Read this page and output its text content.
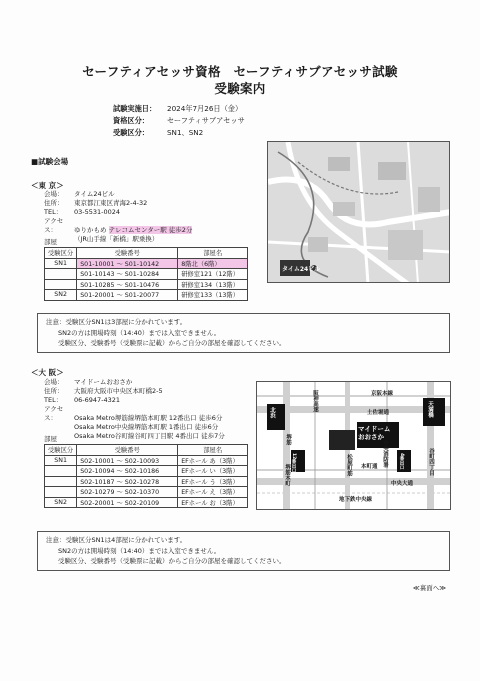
セーフティアセッサ資格　セーフティサブアセッサ試験
受験案内
試験実施日： 2024年7月26日（金）
資格区分：	セーフティサブアセッサ
受験区分：	SN1、SN2
■試験会場
＜東 京＞
会場： タイム24ビル
住所： 東京都江東区青海2-4-32
TEL： 03-5531-0024
アクセス：	ゆりかもめ テレコムセンター駅 徒歩2分
（JR山手線「新橋」駅乗換）
部屋
受験区分	受験番号	部屋名
SN1	S01-10001 ～ S01-10142	8階北（6階）
	S01-10143 ～ S01-10284	研修室121（12階）
	S01-10285 ～ S01-10476	研修室134（13階）
SN2	S01-20001 ～ S01-20077	研修室133（13階）
タイム24ビル
注意：受験区分SN1は3部屋に分かれています。
SN2の方は開場時刻（14:40）までは入室できません。
受験区分、受験番号（受験票に記載）からご自分の部屋を確認してください。
＜大 阪＞
会場： マイドームおおさか
住所： 大阪府大阪市中央区本町橋2-5
TEL： 06-6947-4321
アクセス：	Osaka Metro堺筋線堺筋本町駅 12番出口 徒歩6分
Osaka Metro中央線堺筋本町駅 1番出口 徒歩6分
Osaka Metro谷町線谷町四丁目駅 4番出口 徒歩7分
部屋
受験区分	受験番号	部屋名
SN1	S02-10001 ～ S02-10093	EFホール あ（3階）
	S02-10094 ～ S02-10186	EFホール い（3階）
	S02-10187 ～ S02-10278	EFホール う（3階）
	S02-10279 ～ S02-10370	EFホール え（3階）
SN2	S02-20001 ～ S02-20109	EFホール お（3階）
北浜	天満橋
マイドーム
おおさか
12番出口	4番出口
堺筋本町	谷町四丁目
堺筋
松屋町筋 本町通
中央大通
土佐堀通
京阪本線
阪神高速
地下鉄中央線
中央消防署
注意：受験区分SN1は4部屋に分かれています。
SN2の方は開場時刻（14:40）までは入室できません。
受験区分、受験番号（受験票に記載）からご自分の部屋を確認してください。
≪裏面へ≫
